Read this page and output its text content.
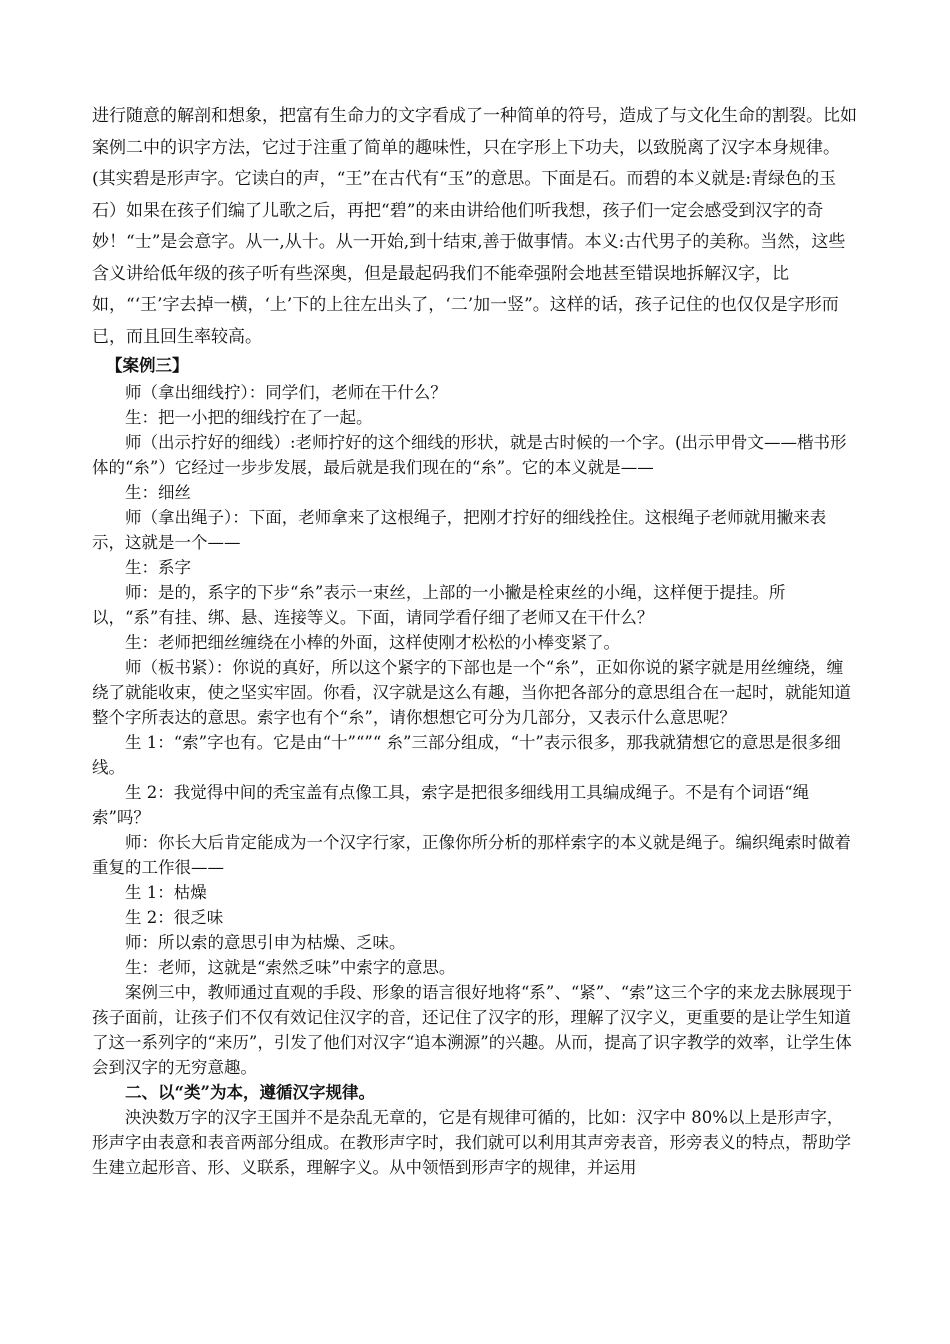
进行随意的解剖和想象，把富有生命力的文字看成了一种简单的符号，造成了与文化生命的割裂。比如案例二中的识字方法，它过于注重了简单的趣味性，只在字形上下功夫，以致脱离了汉字本身规律。(其实碧是形声字。它读白的声，“王”在古代有“玉”的意思。下面是石。而碧的本义就是:青绿色的玉石）如果在孩子们编了儿歌之后，再把“碧”的来由讲给他们听我想，孩子们一定会感受到汉字的奇妙！“士”是会意字。从一,从十。从一开始,到十结束,善于做事情。本义:古代男子的美称。当然，这些含义讲给低年级的孩子听有些深奥，但是最起码我们不能牵强附会地甚至错误地拆解汉字，比如，“‘王’字去掉一横，‘上’下的上往左出头了，‘二’加一竖”。这样的话，孩子记住的也仅仅是字形而已，而且回生率较高。

【案例三】

师（拿出细线拧）：同学们，老师在干什么？

生：把一小把的细线拧在了一起。

师（出示拧好的细线）:老师拧好的这个细线的形状，就是古时候的一个字。(出示甲骨文——楷书形体的“糸”）它经过一步步发展，最后就是我们现在的“糸”。它的本义就是——

生：细丝

师（拿出绳子）：下面，老师拿来了这根绳子，把刚才拧好的细线拴住。这根绳子老师就用撇来表示，这就是一个——

生：系字

师：是的，系字的下步“糸”表示一束丝，上部的一小撇是栓束丝的小绳，这样便于提挂。所以，“系”有挂、绑、悬、连接等义。下面，请同学看仔细了老师又在干什么？

生：老师把细丝缠绕在小棒的外面，这样使刚才松松的小棒变紧了。

师（板书紧）：你说的真好，所以这个紧字的下部也是一个“糸”，正如你说的紧字就是用丝缠绕，缠绕了就能收束，使之坚实牢固。你看，汉字就是这么有趣，当你把各部分的意思组合在一起时，就能知道整个字所表达的意思。索字也有个“糸”，请你想想它可分为几部分，又表示什么意思呢？

生 1：“索”字也有。它是由“十”“”“ 糸”三部分组成，“十”表示很多，那我就猜想它的意思是很多细线。

生 2：我觉得中间的秃宝盖有点像工具，索字是把很多细线用工具编成绳子。不是有个词语“绳索”吗？

师：你长大后肯定能成为一个汉字行家，正像你所分析的那样索字的本义就是绳子。编织绳索时做着重复的工作很——

生 1：枯燥

生 2：很乏味

师：所以索的意思引申为枯燥、乏味。

生：老师，这就是“索然乏味”中索字的意思。

案例三中，教师通过直观的手段、形象的语言很好地将“系”、“紧”、“索”这三个字的来龙去脉展现于孩子面前，让孩子们不仅有效记住汉字的音，还记住了汉字的形，理解了汉字义，更重要的是让学生知道了这一系列字的“来历”，引发了他们对汉字“追本溯源”的兴趣。从而，提高了识字教学的效率，让学生体会到汉字的无穷意趣。

二、以“类”为本，遵循汉字规律。

泱泱数万字的汉字王国并不是杂乱无章的，它是有规律可循的，比如：汉字中 80%以上是形声字，形声字由表意和表音两部分组成。在教形声字时，我们就可以利用其声旁表音，形旁表义的特点，帮助学生建立起形音、形、义联系，理解字义。从中领悟到形声字的规律，并运用
